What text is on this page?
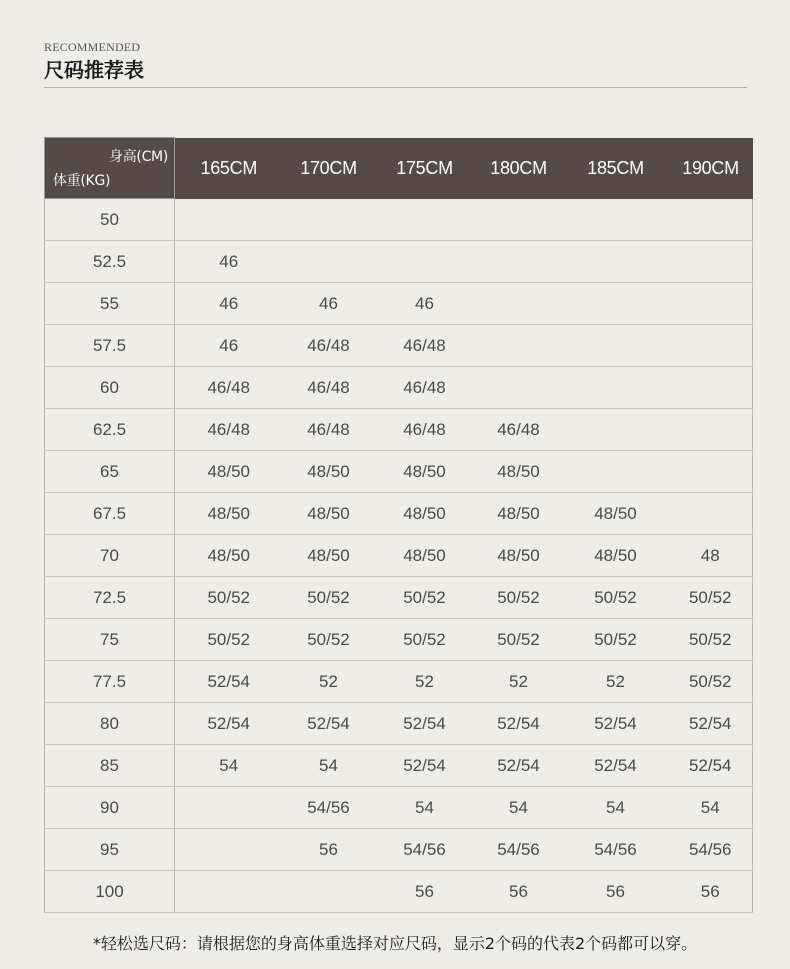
RECOMMENDED
尺码推荐表
身高(CM)
体重(KG)	165CM	170CM	175CM	180CM	185CM	190CM
50						
52.5	46					
55	46	46	46			
57.5	46	46/48	46/48			
60	46/48	46/48	46/48			
62.5	46/48	46/48	46/48	46/48		
65	48/50	48/50	48/50	48/50		
67.5	48/50	48/50	48/50	48/50	48/50	
70	48/50	48/50	48/50	48/50	48/50	48
72.5	50/52	50/52	50/52	50/52	50/52	50/52
75	50/52	50/52	50/52	50/52	50/52	50/52
77.5	52/54	52	52	52	52	50/52
80	52/54	52/54	52/54	52/54	52/54	52/54
85	54	54	52/54	52/54	52/54	52/54
90		54/56	54	54	54	54
95		56	54/56	54/56	54/56	54/56
100			56	56	56	56
*轻松选尺码：请根据您的身高体重选择对应尺码，显示2个码的代表2个码都可以穿。
